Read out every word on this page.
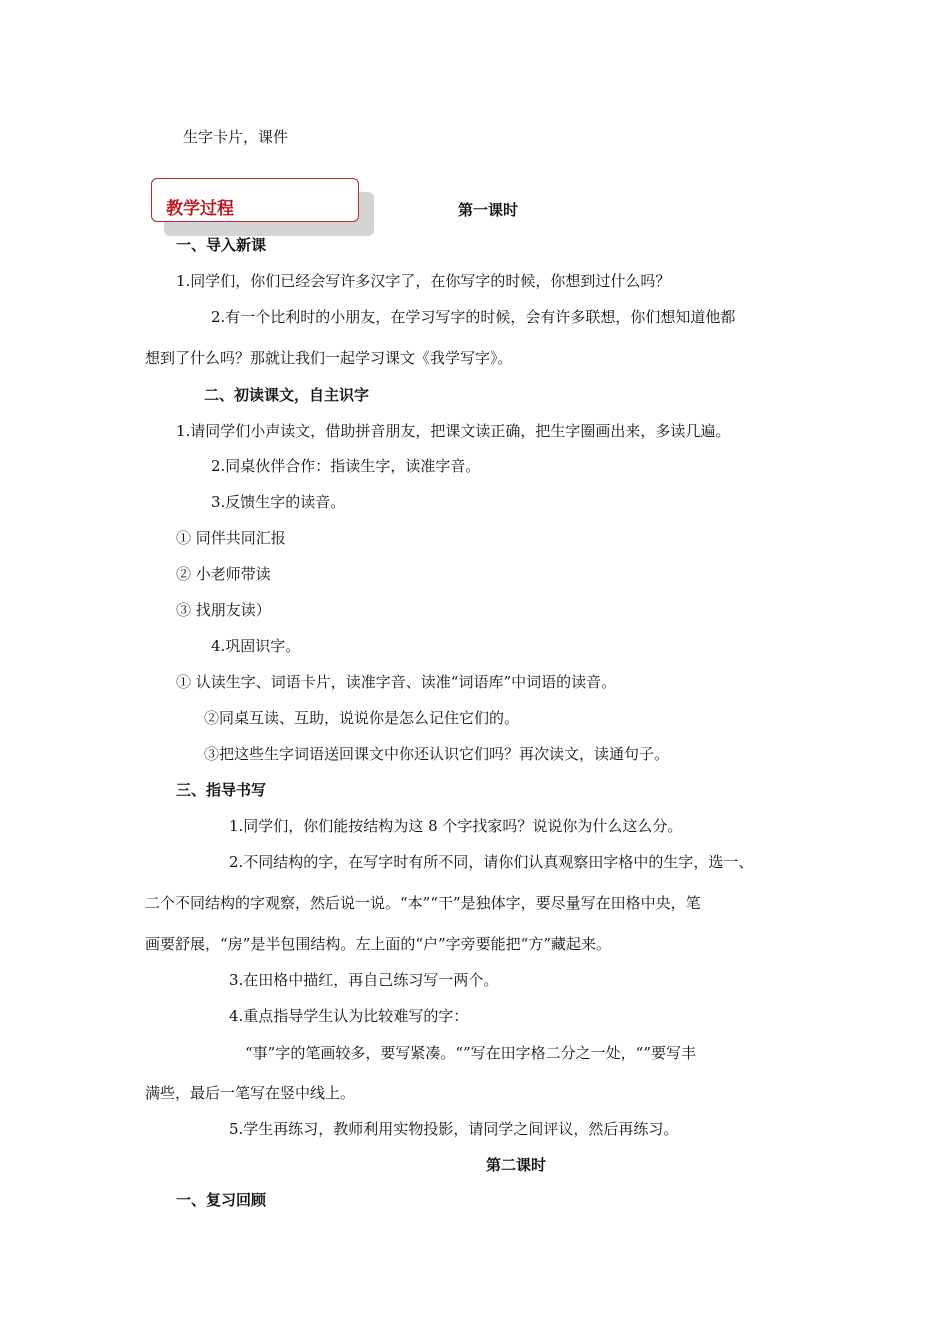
生字卡片，课件
教学过程	第一课时
一、导入新课
1.同学们，你们已经会写许多汉字了，在你写字的时候，你想到过什么吗？
2.有一个比利时的小朋友，在学习写字的时候，会有许多联想，你们想知道他都
想到了什么吗？那就让我们一起学习课文《我学写字》。
二、初读课文，自主识字
1.请同学们小声读文，借助拼音朋友，把课文读正确，把生字圈画出来，多读几遍。
2.同桌伙伴合作：指读生字，读准字音。
3.反馈生字的读音。
① 同伴共同汇报
② 小老师带读
③ 找朋友读）
4.巩固识字。
① 认读生字、词语卡片，读准字音、读准“词语库”中词语的读音。
②同桌互读、互助，说说你是怎么记住它们的。
③把这些生字词语送回课文中你还认识它们吗？再次读文，读通句子。
三、指导书写
1.同学们，你们能按结构为这 8 个字找家吗？说说你为什么这么分。
2.不同结构的字，在写字时有所不同，请你们认真观察田字格中的生字，选一、
二个不同结构的字观察，然后说一说。“本”“干”是独体字，要尽量写在田格中央，笔
画要舒展，“房”是半包围结构。左上面的“户”字旁要能把“方”藏起来。
3.在田格中描红，再自己练习写一两个。
4.重点指导学生认为比较难写的字：
“事”字的笔画较多，要写紧凑。“”写在田字格二分之一处，“”要写丰
满些，最后一笔写在竖中线上。
5.学生再练习，教师利用实物投影，请同学之间评议，然后再练习。
第二课时
一、复习回顾
